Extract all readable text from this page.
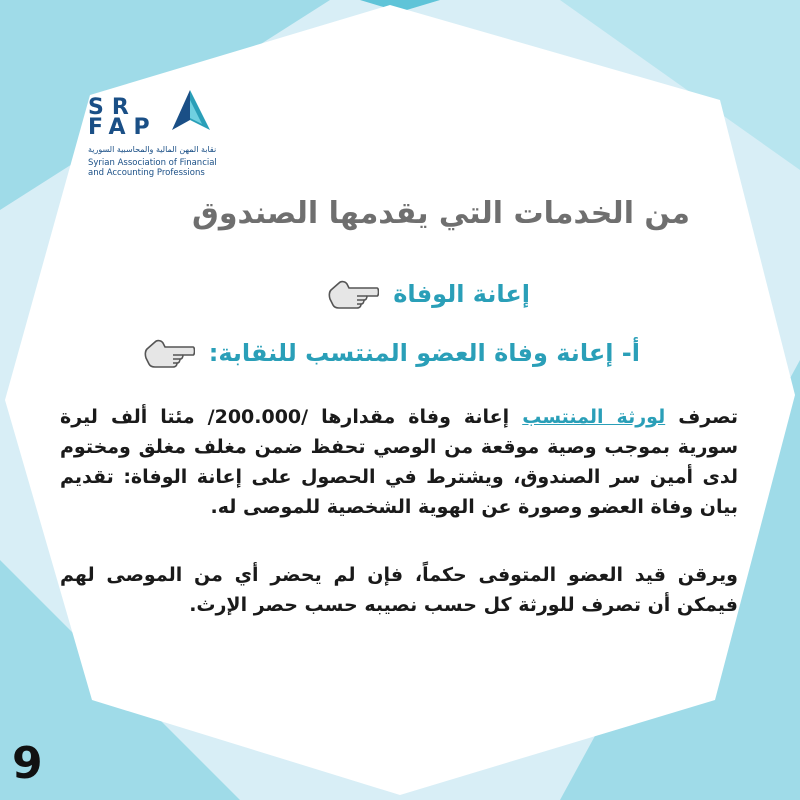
SR
FAP
نقابة المهن المالية والمحاسبية السورية
Syrian Association of Financial
and Accounting Professions
من الخدمات التي يقدمها الصندوق
إعانة الوفاة
أ- إعانة وفاة العضو المنتسب للنقابة:
تصرف لورثة المنتسب إعانة وفاة مقدارها /200.000/ مئتا ألف ليرة سورية بموجب وصية موقعة من الوصي تحفظ ضمن مغلف مغلق ومختوم لدى أمين سر الصندوق، ويشترط في الحصول على إعانة الوفاة: تقديم بيان وفاة العضو وصورة عن الهوية الشخصية للموصى له.
ويرقن قيد العضو المتوفى حكماً، فإن لم يحضر أي من الموصى لهم فيمكن أن تصرف للورثة كل حسب نصيبه حسب حصر الإرث.
9
